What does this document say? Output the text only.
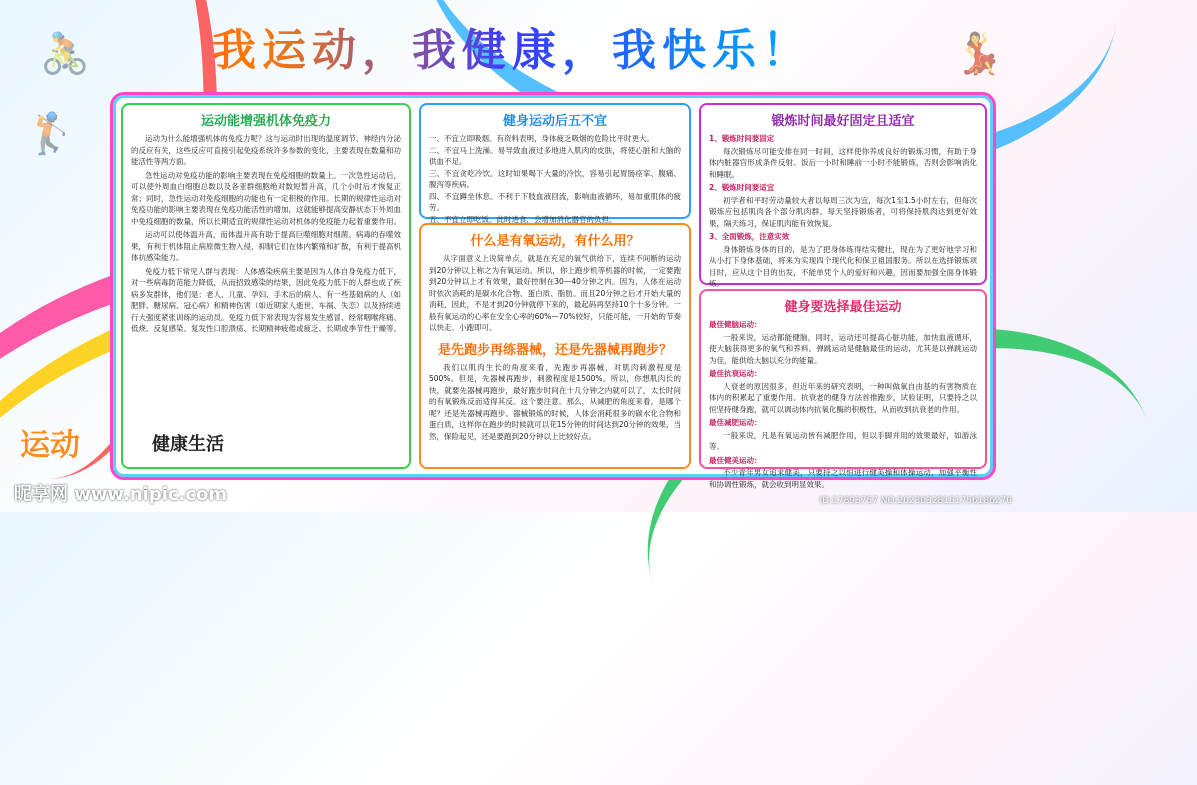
🏌
我运动，我健康，我快乐！
运动能增强机体免疫力

运动为什么能增强机体的免疫力呢？这与运动时出现的温度调节、神经内分泌的反应有关，这些反应可直接引起免疫系统许多参数的变化，主要表现在数量和功能活性等两方面。

急性运动对免疫功能的影响主要表现在免疫细胞的数量上。一次急性运动后，可以使外周血白细胞总数以及各亚群细胞绝对数短暂升高，几个小时后才恢复正常；同时，急性运动对免疫细胞的功能也有一定积极的作用。长期的规律性运动对免疫功能的影响主要表现在免疫功能活性的增加，这就能够提高安静状态下外周血中免疫细胞的数量，所以长期适宜的规律性运动对机体的免疫能力起着重要作用。

运动可以使体温升高，而体温升高有助于提高巨噬细胞对细菌、病毒的吞噬效果，有利于机体阻止病原微生物入侵，抑制它们在体内繁殖和扩散，有利于提高机体抗感染能力。

免疫力低下常见人群与表现：人体感染疾病主要是因为人体自身免疫力低下，对一些病毒防范能力降低，从而招致感染的结果，因此免疫力低下的人群也成了疾病多发群体，他们是：老人、儿童、孕妇、手术后的病人、有一些基础病的人（如肥胖、糖尿病、冠心病）和精神伤害（如近期家人逝世、车祸、失恋）以及持续进行大强度紧张训练的运动员。免疫力低下常表现为容易发生感冒、经常咽喉疼痛、低烧、反复感染、复发性口腔溃疡、长期精神疲倦或疲乏、长期或季节性干燥等。

健身运动后五不宜
一、不宜立即吸烟。有资料表明，身体疲乏吸烟的危险比平时更大。
二、不宜马上洗澡。易导致血液过多地进入肌肉的皮肤，将使心脏和大脑的供血不足。
三、不宜贪吃冷饮。这时如果喝下大量的冷饮，容易引起胃肠痉挛、腹痛、腹泻等疾病。
四、不宜蹲坐休息。不利于下肢血液回流，影响血液循环，易加重肌体的疲劳。
五、不宜立即吃饭。此时进食，会增加消化器官的负担。
什么是有氧运动，有什么用？

从字面意义上说简单点，就是在充足的氧气供给下，连续不间断的运动到20分钟以上称之为有氧运动。所以，你上跑步机等机器的时候，一定要跑到20分钟以上才有效果，最好控制在30—40分钟之内。因为，人体在运动时依次消耗的是碳水化合物、蛋白质、脂肪。而且20分钟之后才开始大量的消耗，因此，不是才到20分钟就停下来的，最起码再坚持10个十多分钟。一般有氧运动的心率在安全心率的60%—70%较好，只能可能，一开始的节奏以快走、小跑即可。

是先跑步再练器械，还是先器械再跑步？

我们以肌肉生长的角度来看，先跑步再器械，对肌肉刺激程度是500%。但是，先器械再跑步，刺激程度是1500%。所以，你想肌肉长的快，就要先器械再跑步，最好跑步时间在十几分钟之内就可以了，太长时间的有氧锻炼反而适得其反。这个要注意。那么，从减肥的角度来看，是哪个呢？还是先器械再跑步。器械锻炼的时候，人体会消耗很多的碳水化合物和蛋白质，这样你在跑步的时候就可以花15分钟的时间达到20分钟的效果，当然，保险起见，还是要跑到20分钟以上比较好点。

锻炼时间最好固定且适宜
1、锻炼时间要固定

每次锻炼尽可能安排在同一时间，这样使你养成良好的锻炼习惯，有助于身体内脏器官形成条件反射。饭后一小时和睡前一小时不能锻炼，否则会影响消化和睡眠。

2、锻炼时间要适宜

初学者和平时劳动量较大者以每周三次为宜，每次1至1.5小时左右，但每次锻炼应包括肌肉各个部分肌肉群。每天坚持锻炼者，可将保持肌肉达到更好效果，隔天练习，保证肌肉能有效恢复。

3、全面锻炼，注意实效

身体锻炼身体的目的，是为了把身体练得结实健壮，现在为了更好地学习和从小打下身体基础，将来为实现四个现代化和保卫祖国服务。所以在选择锻炼项目时，应从这个目的出发，不能单凭个人的爱好和兴趣，因而要加强全面身体锻炼。

健身要选择最佳运动
最佳健脑运动：

一般来说，运动都能健脑，同时，运动还可提高心脏功能，加快血液循环，使大脑获得更多的氧气和养料。弹跳运动是健脑最佳的运动，尤其是以弹跳运动为佳，能供给大脑以充分的能量。

最佳抗衰运动：

人衰老的原因很多，但近年来的研究表明，一种叫做氧自由基的有害物质在体内的积累起了重要作用。抗衰老的健身方法首推跑步，试验证明，只要持之以恒坚持健身跑，就可以调动体内抗氧化酶的积极性，从而收到抗衰老的作用。

最佳减肥运动：

一般来说，凡是有氧运动皆有减肥作用，但以手脚并用的效果最好，如游泳等。

最佳健美运动：

不少青年男女追求健美，只要持之以恒进行健美操和体操运动，加强平衡性和协调性锻炼，就会收到明显效果。

运动	健康生活
昵享网 www.nipic.com	ID:17893757 NO:20230328151756186270
